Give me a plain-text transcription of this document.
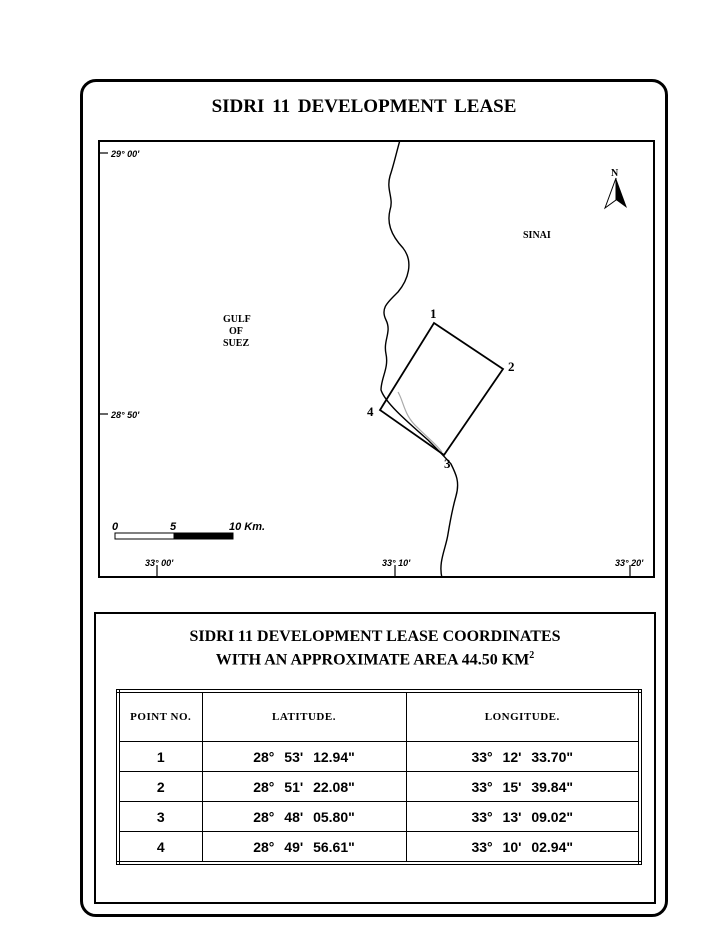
SIDRI 11 DEVELOPMENT LEASE
1
2
3
4
29° 00'
28° 50'
33° 00'	33° 10'	33° 20'
SINAI
GULF
OF
SUEZ
N
0	5	10 Km.
SIDRI 11 DEVELOPMENT LEASE COORDINATES
WITH AN APPROXIMATE AREA 44.50 $KM^2$
POINT NO.	LATITUDE.	LONGITUDE.
1	28° 53' 12.94"	33° 12' 33.70"
2	28° 51' 22.08"	33° 15' 39.84"
3	28° 48' 05.80"	33° 13' 09.02"
4	28° 49' 56.61"	33° 10' 02.94"
